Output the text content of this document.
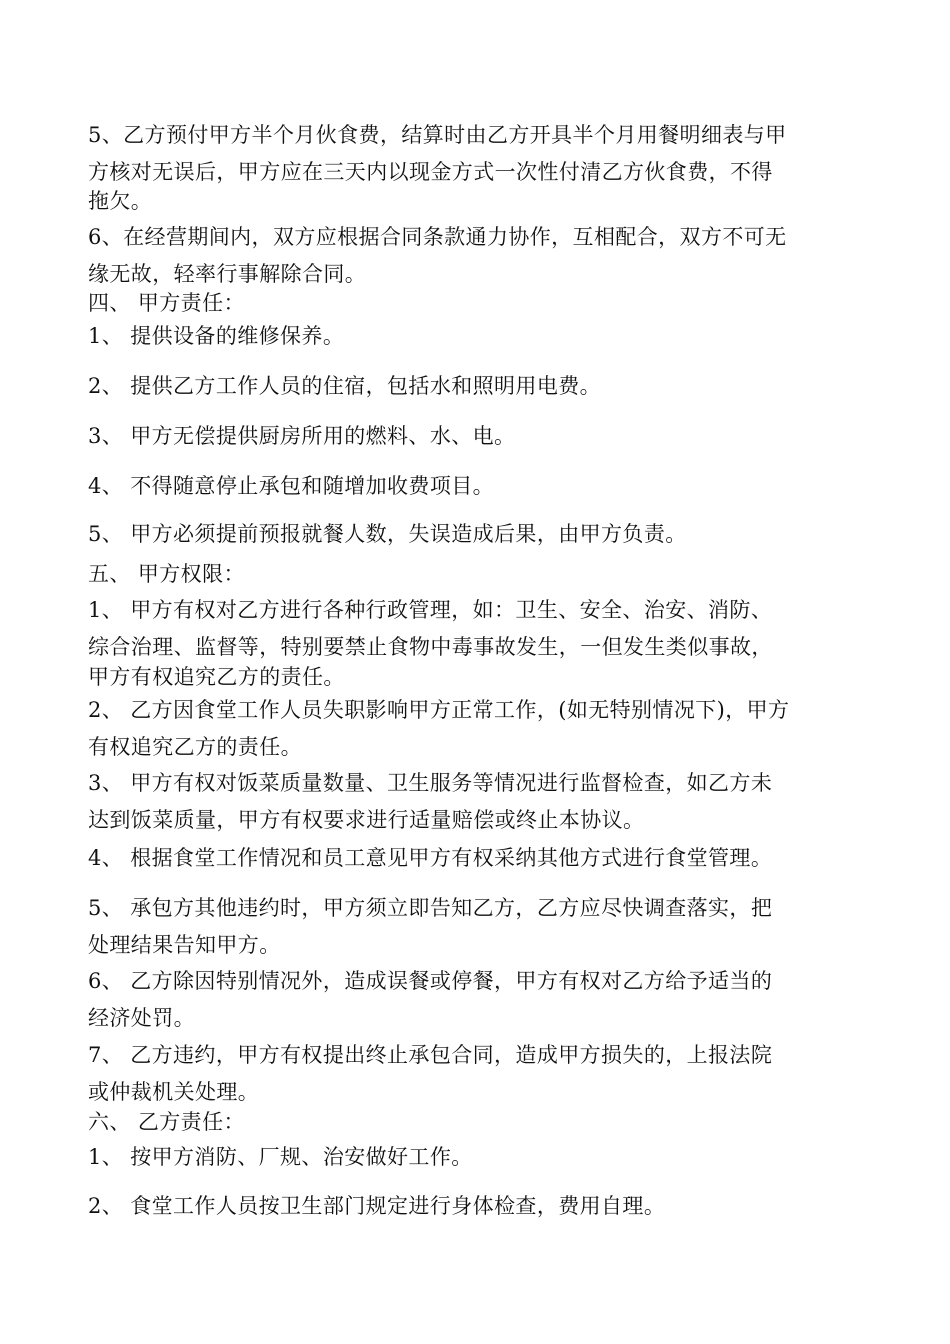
5、乙方预付甲方半个月伙食费，结算时由乙方开具半个月用餐明细表与甲
方核对无误后，甲方应在三天内以现金方式一次性付清乙方伙食费，不得
拖欠。
6、在经营期间内，双方应根据合同条款通力协作，互相配合，双方不可无
缘无故，轻率行事解除合同。
四、 甲方责任：
1、 提供设备的维修保养。
2、 提供乙方工作人员的住宿，包括水和照明用电费。
3、 甲方无偿提供厨房所用的燃料、水、电。
4、 不得随意停止承包和随增加收费项目。
5、 甲方必须提前预报就餐人数，失误造成后果，由甲方负责。
五、 甲方权限：
1、 甲方有权对乙方进行各种行政管理，如：卫生、安全、治安、消防、
综合治理、监督等，特别要禁止食物中毒事故发生，一但发生类似事故，
甲方有权追究乙方的责任。
2、 乙方因食堂工作人员失职影响甲方正常工作，(如无特别情况下)，甲方
有权追究乙方的责任。
3、 甲方有权对饭菜质量数量、卫生服务等情况进行监督检查，如乙方未
达到饭菜质量，甲方有权要求进行适量赔偿或终止本协议。
4、 根据食堂工作情况和员工意见甲方有权采纳其他方式进行食堂管理。
5、 承包方其他违约时，甲方须立即告知乙方，乙方应尽快调查落实，把
处理结果告知甲方。
6、 乙方除因特别情况外，造成误餐或停餐，甲方有权对乙方给予适当的
经济处罚。
7、 乙方违约，甲方有权提出终止承包合同，造成甲方损失的，上报法院
或仲裁机关处理。
六、 乙方责任：
1、 按甲方消防、厂规、治安做好工作。
2、 食堂工作人员按卫生部门规定进行身体检查，费用自理。
